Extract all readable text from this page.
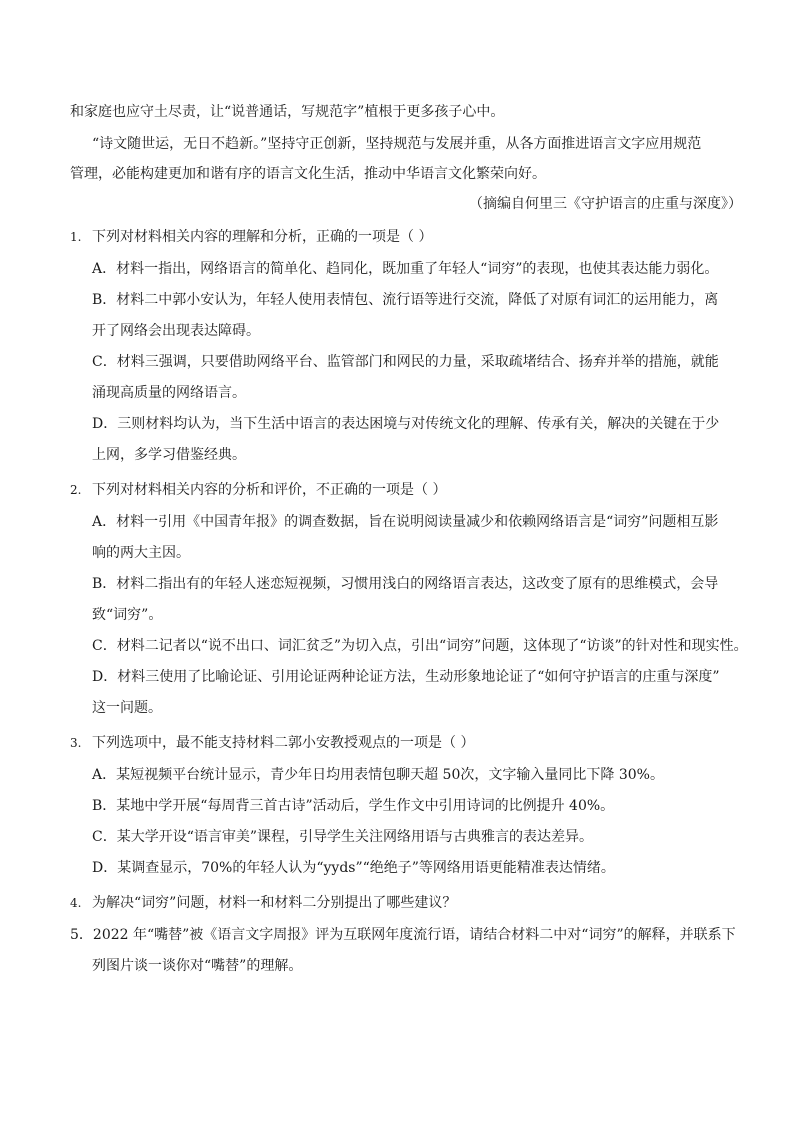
和家庭也应守土尽责，让“说普通话，写规范字”植根于更多孩子心中。
“诗文随世运，无日不趋新。”坚持守正创新，坚持规范与发展并重，从各方面推进语言文字应用规范
管理，必能构建更加和谐有序的语言文化生活，推动中华语言文化繁荣向好。
（摘编自何里三《守护语言的庄重与深度》）
1. 下列对材料相关内容的理解和分析，正确的一项是（ ）
A．材料一指出，网络语言的简单化、趋同化，既加重了年轻人“词穷”的表现，也使其表达能力弱化。
B．材料二中郭小安认为，年轻人使用表情包、流行语等进行交流，降低了对原有词汇的运用能力，离
开了网络会出现表达障碍。
C．材料三强调，只要借助网络平台、监管部门和网民的力量，采取疏堵结合、扬弃并举的措施，就能
涌现高质量的网络语言。
D．三则材料均认为，当下生活中语言的表达困境与对传统文化的理解、传承有关，解决的关键在于少
上网，多学习借鉴经典。
2. 下列对材料相关内容的分析和评价，不正确的一项是（ ）
A．材料一引用《中国青年报》的调查数据，旨在说明阅读量减少和依赖网络语言是“词穷”问题相互影
响的两大主因。
B．材料二指出有的年轻人迷恋短视频，习惯用浅白的网络语言表达，这改变了原有的思维模式，会导
致“词穷”。
C．材料二记者以“说不出口、词汇贫乏”为切入点，引出“词穷”问题，这体现了“访谈”的针对性和现实性。
D．材料三使用了比喻论证、引用论证两种论证方法，生动形象地论证了“如何守护语言的庄重与深度”
这一问题。
3. 下列选项中，最不能支持材料二郭小安教授观点的一项是（ ）
A．某短视频平台统计显示，青少年日均用表情包聊天超 50次，文字输入量同比下降 30%。
B．某地中学开展“每周背三首古诗”活动后，学生作文中引用诗词的比例提升 40%。
C．某大学开设“语言审美”课程，引导学生关注网络用语与古典雅言的表达差异。
D．某调查显示，70%的年轻人认为“yyds”“绝绝子”等网络用语更能精准表达情绪。
4. 为解决“词穷”问题，材料一和材料二分别提出了哪些建议？
5．2022 年“嘴替”被《语言文字周报》评为互联网年度流行语，请结合材料二中对“词穷”的解释，并联系下
列图片谈一谈你对“嘴替”的理解。
